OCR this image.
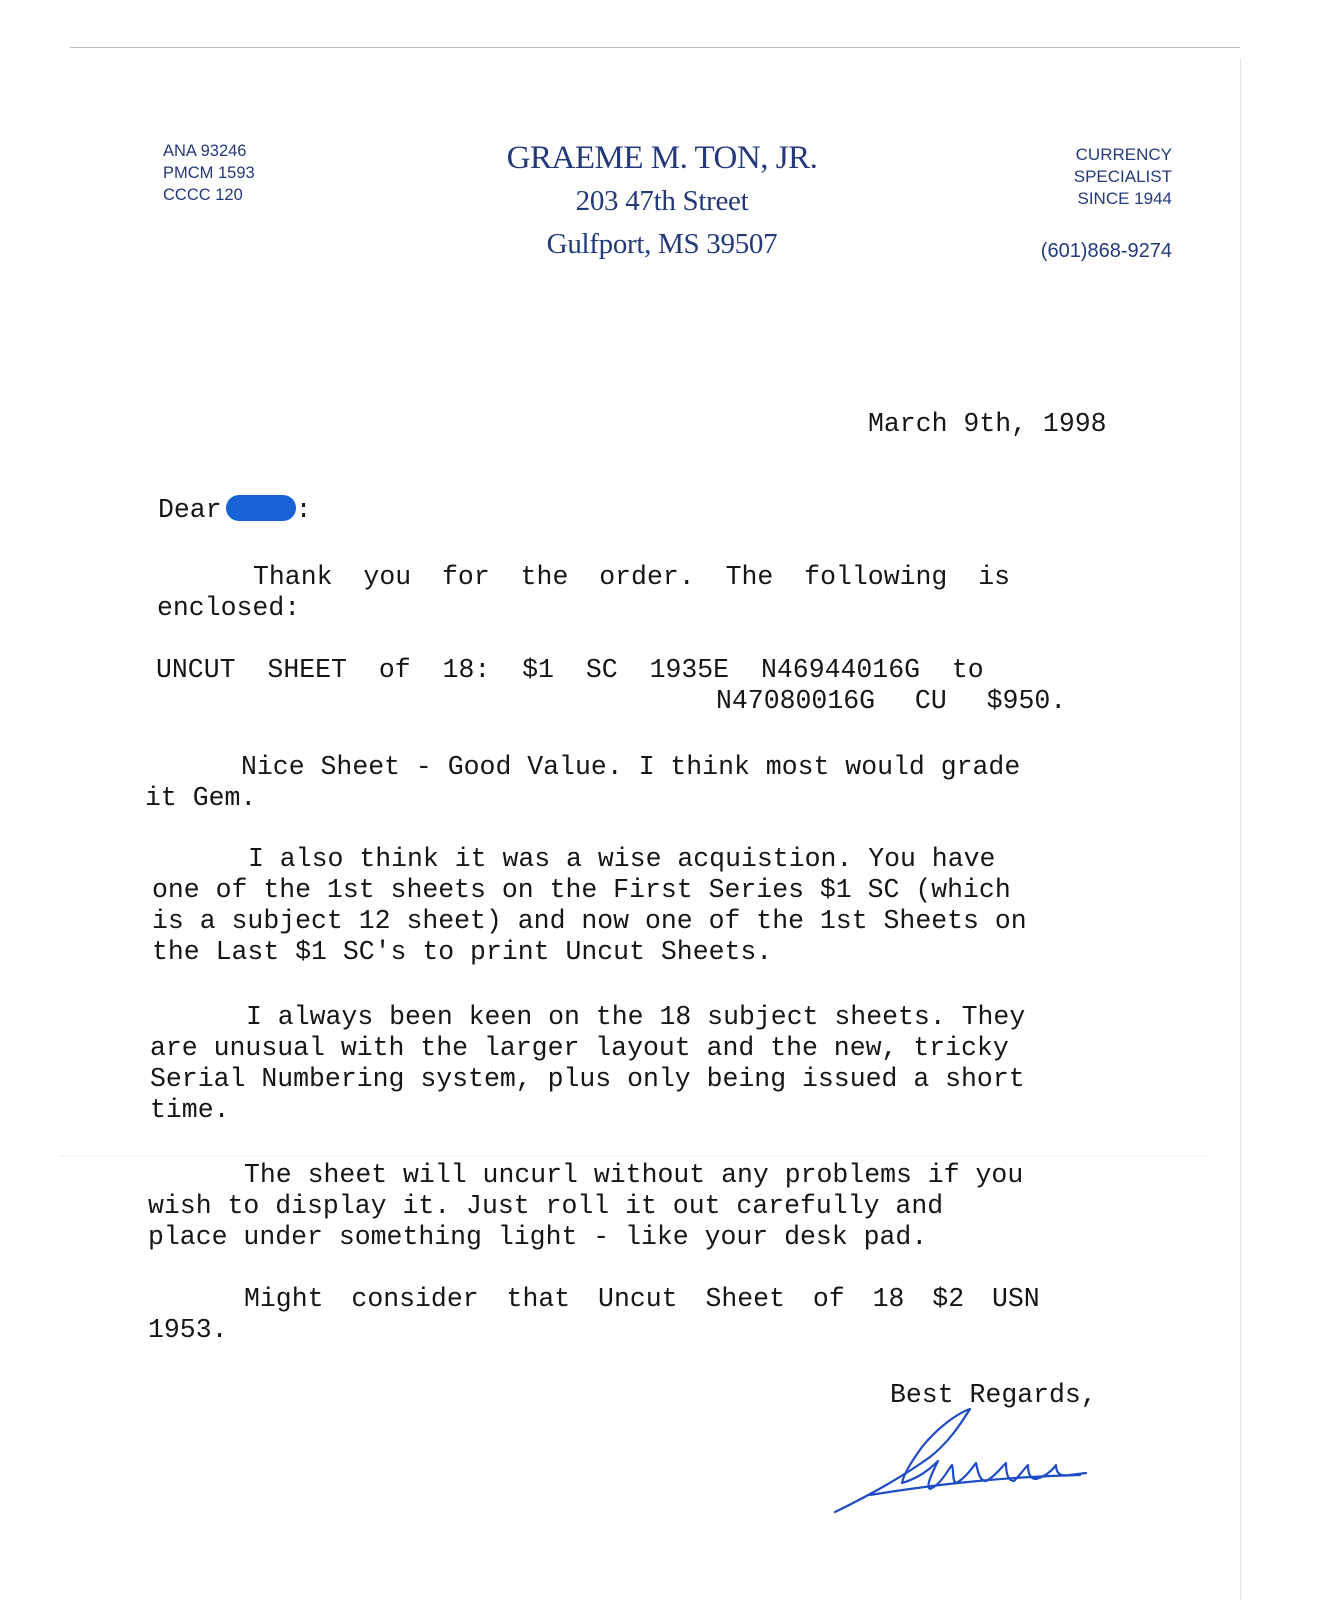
ANA 93246
PMCM 1593
CCCC 120
GRAEME M. TON, JR.
203 47th Street
Gulfport, MS 39507
CURRENCY
SPECIALIST
SINCE 1944
(601)868-9274
March 9th, 1998
Dear	:
Thank you for the order. The following is
enclosed:
UNCUT SHEET of 18: $1 SC 1935E N46944016G to
N47080016G CU $950.
Nice Sheet - Good Value. I think most would grade
it Gem.
I also think it was a wise acquistion. You have
one of the 1st sheets on the First Series $1 SC (which
is a subject 12 sheet) and now one of the 1st Sheets on
the Last $1 SC's to print Uncut Sheets.
I always been keen on the 18 subject sheets. They
are unusual with the larger layout and the new, tricky
Serial Numbering system, plus only being issued a short
time.
The sheet will uncurl without any problems if you
wish to display it. Just roll it out carefully and
place under something light - like your desk pad.
Might consider that Uncut Sheet of 18 $2 USN
1953.
Best Regards,
